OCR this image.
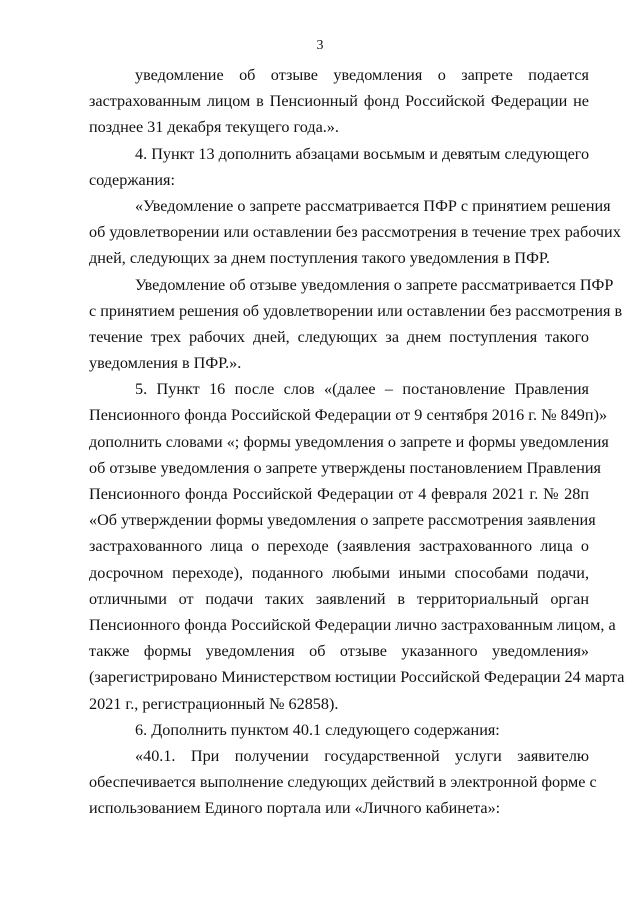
3
уведомление об отзыве уведомления о запрете подается
застрахованным лицом в Пенсионный фонд Российской Федерации не
позднее 31 декабря текущего года.».
4. Пункт 13 дополнить абзацами восьмым и девятым следующего
содержания:
«Уведомление о запрете рассматривается ПФР с принятием решения
об удовлетворении или оставлении без рассмотрения в течение трех рабочих
дней, следующих за днем поступления такого уведомления в ПФР.
Уведомление об отзыве уведомления о запрете рассматривается ПФР
с принятием решения об удовлетворении или оставлении без рассмотрения в
течение трех рабочих дней, следующих за днем поступления такого
уведомления в ПФР.».
5. Пункт 16 после слов «(далее – постановление Правления
Пенсионного фонда Российской Федерации от 9 сентября 2016 г. № 849п)»
дополнить словами «; формы уведомления о запрете и формы уведомления
об отзыве уведомления о запрете утверждены постановлением Правления
Пенсионного фонда Российской Федерации от 4 февраля 2021 г. № 28п
«Об утверждении формы уведомления о запрете рассмотрения заявления
застрахованного лица о переходе (заявления застрахованного лица о
досрочном переходе), поданного любыми иными способами подачи,
отличными от подачи таких заявлений в территориальный орган
Пенсионного фонда Российской Федерации лично застрахованным лицом, а
также формы уведомления об отзыве указанного уведомления»
(зарегистрировано Министерством юстиции Российской Федерации 24 марта
2021 г., регистрационный № 62858).
6. Дополнить пунктом 40.1 следующего содержания:
«40.1. При получении государственной услуги заявителю
обеспечивается выполнение следующих действий в электронной форме с
использованием Единого портала или «Личного кабинета»:
